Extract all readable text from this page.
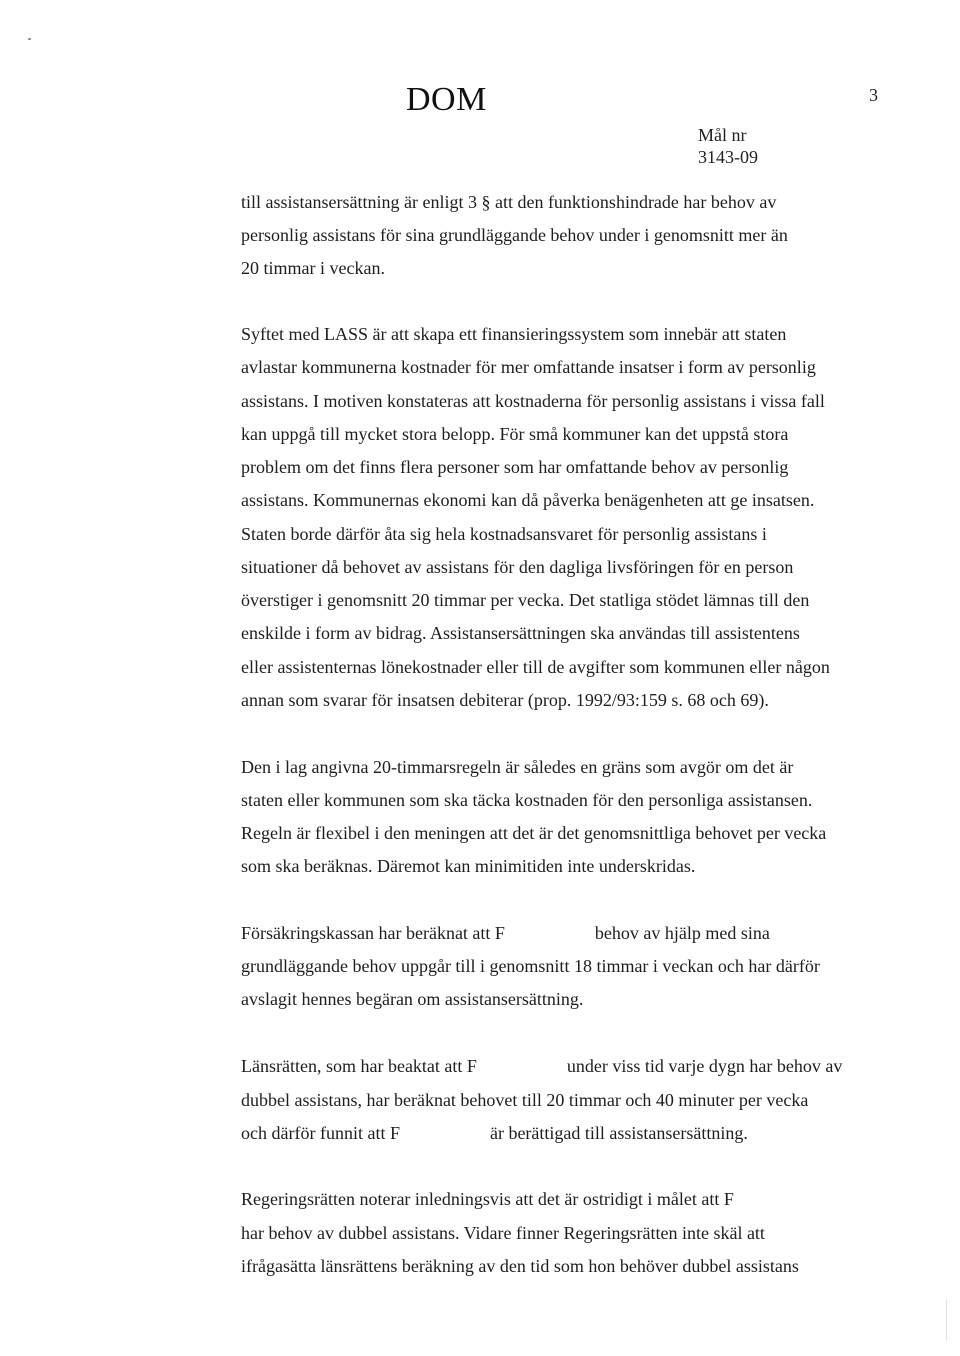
DOM	3
Mål nr
3143-09
till assistansersättning är enligt 3 § att den funktionshindrade har behov av
personlig assistans för sina grundläggande behov under i genomsnitt mer än
20 timmar i veckan.
Syftet med LASS är att skapa ett finansieringssystem som innebär att staten
avlastar kommunerna kostnader för mer omfattande insatser i form av personlig
assistans. I motiven konstateras att kostnaderna för personlig assistans i vissa fall
kan uppgå till mycket stora belopp. För små kommuner kan det uppstå stora
problem om det finns flera personer som har omfattande behov av personlig
assistans. Kommunernas ekonomi kan då påverka benägenheten att ge insatsen.
Staten borde därför åta sig hela kostnadsansvaret för personlig assistans i
situationer då behovet av assistans för den dagliga livsföringen för en person
överstiger i genomsnitt 20 timmar per vecka. Det statliga stödet lämnas till den
enskilde i form av bidrag. Assistansersättningen ska användas till assistentens
eller assistenternas lönekostnader eller till de avgifter som kommunen eller någon
annan som svarar för insatsen debiterar (prop. 1992/93:159 s. 68 och 69).
Den i lag angivna 20-timmarsregeln är således en gräns som avgör om det är
staten eller kommunen som ska täcka kostnaden för den personliga assistansen.
Regeln är flexibel i den meningen att det är det genomsnittliga behovet per vecka
som ska beräknas. Däremot kan minimitiden inte underskridas.
Försäkringskassan har beräknat att F                    behov av hjälp med sina
grundläggande behov uppgår till i genomsnitt 18 timmar i veckan och har därför
avslagit hennes begäran om assistansersättning.
Länsrätten, som har beaktat att F                    under viss tid varje dygn har behov av
dubbel assistans, har beräknat behovet till 20 timmar och 40 minuter per vecka
och därför funnit att F                    är berättigad till assistansersättning.
Regeringsrätten noterar inledningsvis att det är ostridigt i målet att F
har behov av dubbel assistans. Vidare finner Regeringsrätten inte skäl att
ifrågasätta länsrättens beräkning av den tid som hon behöver dubbel assistans
